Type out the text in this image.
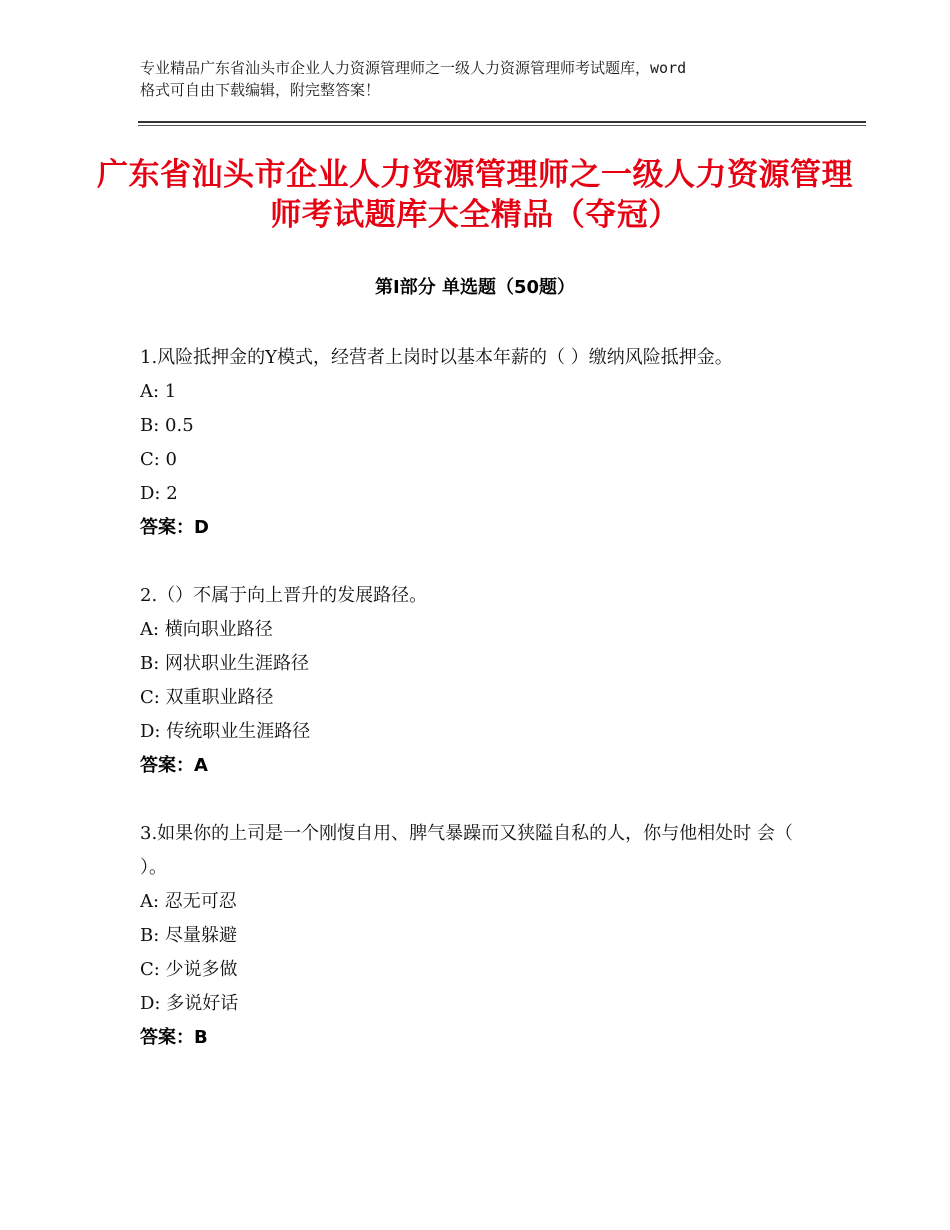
专业精品广东省汕头市企业人力资源管理师之一级人力资源管理师考试题库，word
格式可自由下载编辑，附完整答案！
广东省汕头市企业人力资源管理师之一级人力资源管理师考试题库大全精品（夺冠）
第Ⅰ部分 单选题（50题）

1.风险抵押金的Y模式，经营者上岗时以基本年薪的（ ）缴纳风险抵押金。

A: 1

B: 0.5

C: 0

D: 2

答案：D

2.（）不属于向上晋升的发展路径。

A: 横向职业路径

B: 网状职业生涯路径

C: 双重职业路径

D: 传统职业生涯路径

答案：A

3.如果你的上司是一个刚愎自用、脾气暴躁而又狭隘自私的人，你与他相处时 会（ ）。

A: 忍无可忍

B: 尽量躲避

C: 少说多做

D: 多说好话

答案：B
